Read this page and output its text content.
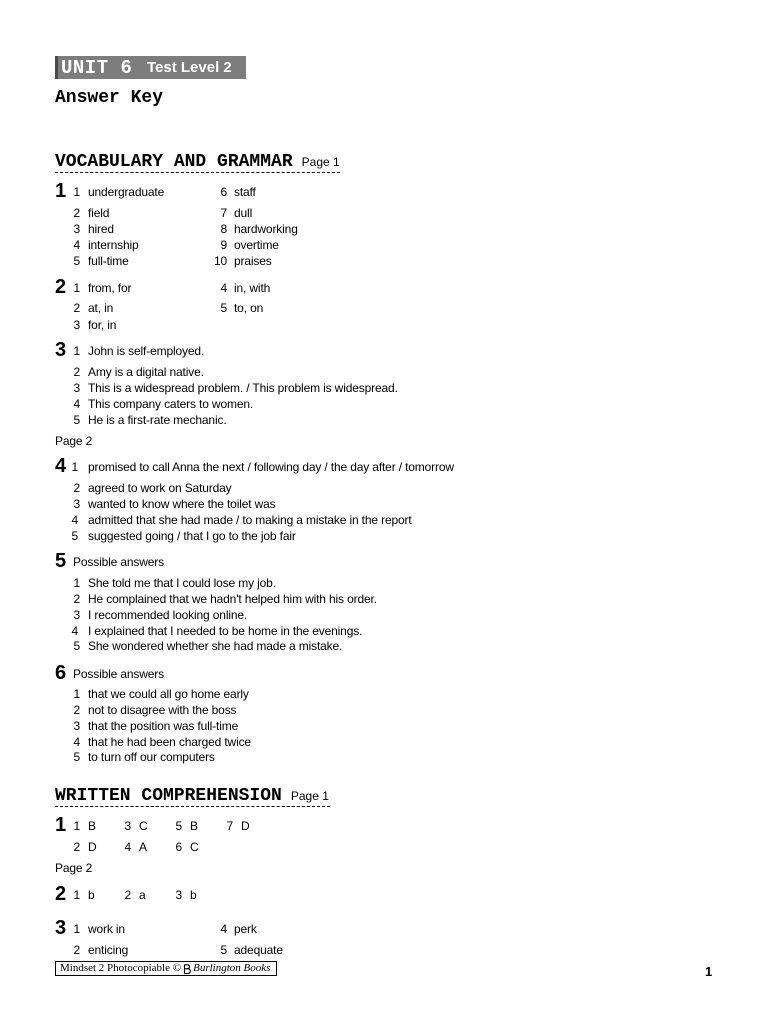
UNIT 6 Test Level 2
Answer Key
VOCABULARY AND GRAMMAR Page 1
1 1 undergraduate	6 staff
2 field	7 dull
3 hired	8 hardworking
4 internship	9 overtime
5 full-time	10 praises
2 1 from, for	4 in, with
2 at, in	5 to, on
3 for, in
3 1 John is self-employed.
2 Amy is a digital native.
3 This is a widespread problem. / This problem is widespread.
4 This company caters to women.
5 He is a first-rate mechanic.
Page 2
4 1 promised to call Anna the next / following day / the day after / tomorrow
2 agreed to work on Saturday
3 wanted to know where the toilet was
4 admitted that she had made / to making a mistake in the report
5 suggested going / that I go to the job fair
5 Possible answers
1 She told me that I could lose my job.
2 He complained that we hadn't helped him with his order.
3 I recommended looking online.
4 I explained that I needed to be home in the evenings.
5 She wondered whether she had made a mistake.
6 Possible answers
1 that we could all go home early
2 not to disagree with the boss
3 that the position was full-time
4 that he had been charged twice
5 to turn off our computers
WRITTEN COMPREHENSION Page 1
1 1 B	3 C	5 B	7 D
2 D	4 A	6 C
Page 2
2 1 b	2 a	3 b
3 1 work in	4 perk
2 enticing	5 adequate
Mindset 2 Photocopiable © Burlington Books	1
